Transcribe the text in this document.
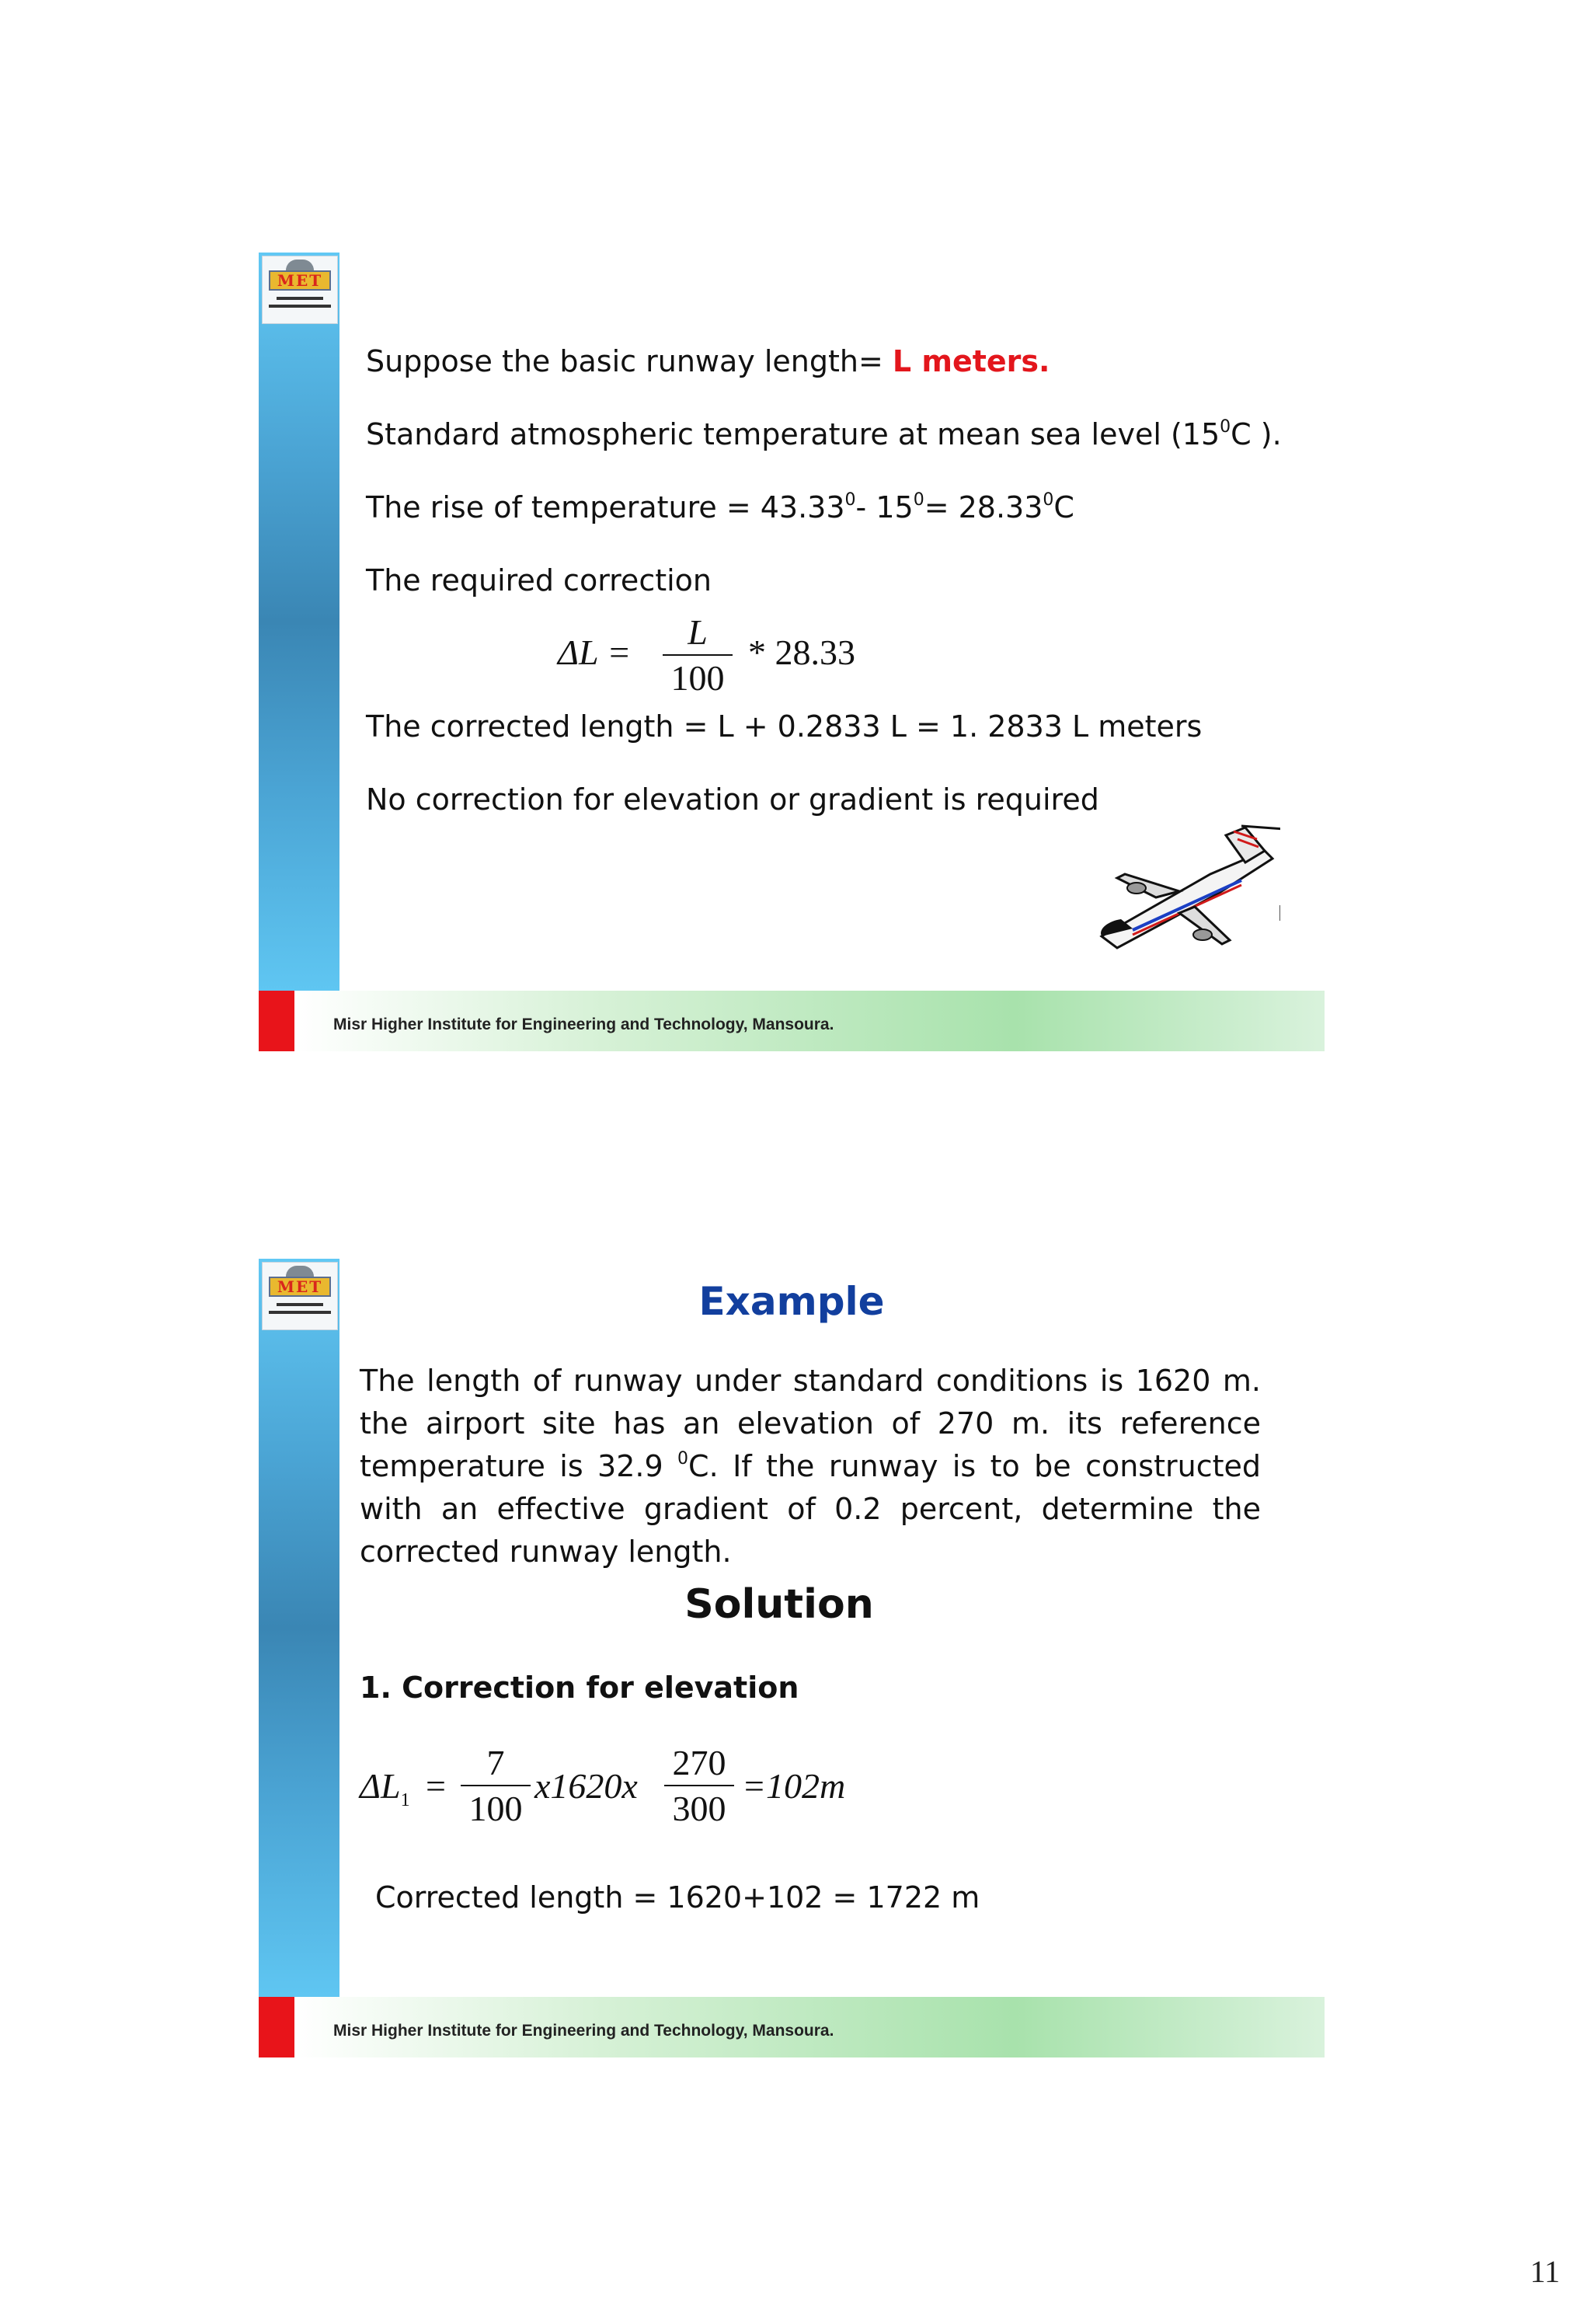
MET
Suppose the basic runway length= L meters.
Standard atmospheric temperature at mean sea level ($15^0C$ ).
The rise of temperature = $43.33^0-$ $15^0= 28.33^0C$
The required correction
ΔL =
L
100
* 28.33
The corrected length = L + 0.2833 L = 1. 2833 L meters
No correction for elevation or gradient is required
Misr Higher Institute for Engineering and Technology, Mansoura.
MET	Example
The length of runway under standard conditions is 1620 m. the airport site has an elevation of 270 m. its reference temperature is 32.9 $^0$C. If the runway is to be constructed with an effective gradient of 0.2 percent, determine the corrected runway length.
Solution
1. Correction for elevation
$\Delta L_1$ =
7
100
x1620x
270
300
=102m
Corrected length = 1620+102 = 1722 m
Misr Higher Institute for Engineering and Technology, Mansoura.
11
